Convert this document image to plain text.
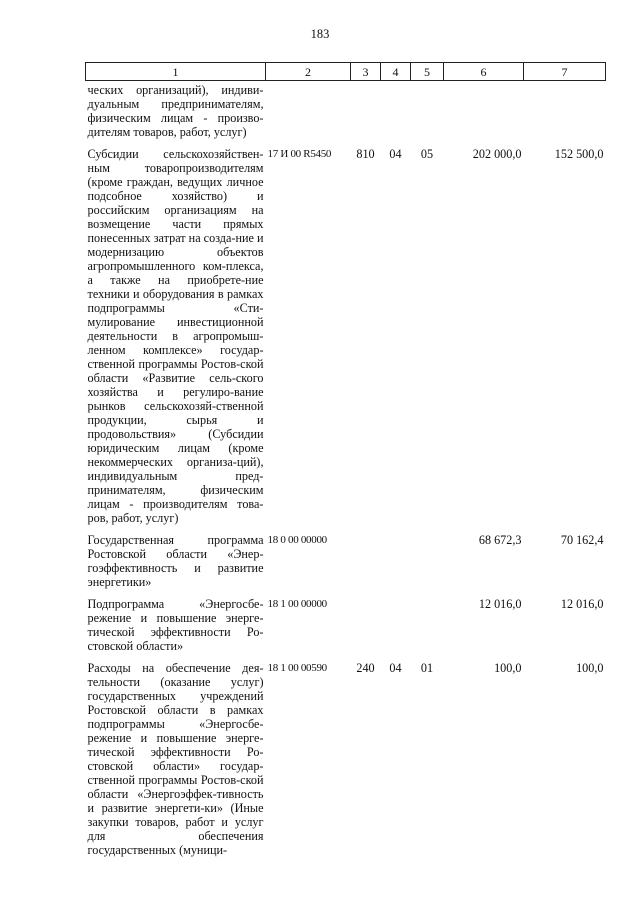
183
1	2	3	4	5	6	7
ческих организаций), индиви-дуальным предпринимателям, физическим лицам - произво-дителям товаров, работ, услуг)						
Субсидии сельскохозяйствен-ным товаропроизводителям (кроме граждан, ведущих личное подсобное хозяйство) и российским организациям на возмещение части прямых понесенных затрат на созда-ние и модернизацию объектов агропромышленного ком-плекса, а также на приобрете-ние техники и оборудования в рамках подпрограммы «Сти-мулирование инвестиционной деятельности в агропромыш-ленном комплексе» государ-ственной программы Ростов-ской области «Развитие сель-ского хозяйства и регулиро-вание рынков сельскохозяй-ственной продукции, сырья и продовольствия» (Субсидии юридическим лицам (кроме некоммерческих организа-ций), индивидуальным пред-принимателям, физическим лицам - производителям това-ров, работ, услуг)	17 И 00 R5450	810	04	05	202 000,0	152 500,0
Государственная программа Ростовской области «Энер-гоэффективность и развитие энергетики»	18 0 00 00000				68 672,3	70 162,4
Подпрограмма «Энергосбе-режение и повышение энерге-тической эффективности Ро-стовской области»	18 1 00 00000				12 016,0	12 016,0
Расходы на обеспечение дея-тельности (оказание услуг) государственных учреждений Ростовской области в рамках подпрограммы «Энергосбе-режение и повышение энерге-тической эффективности Ро-стовской области» государ-ственной программы Ростов-ской области «Энергоэффек-тивность и развитие энергети-ки» (Иные закупки товаров, работ и услуг для обеспечения государственных (муници-	18 1 00 00590	240	04	01	100,0	100,0
